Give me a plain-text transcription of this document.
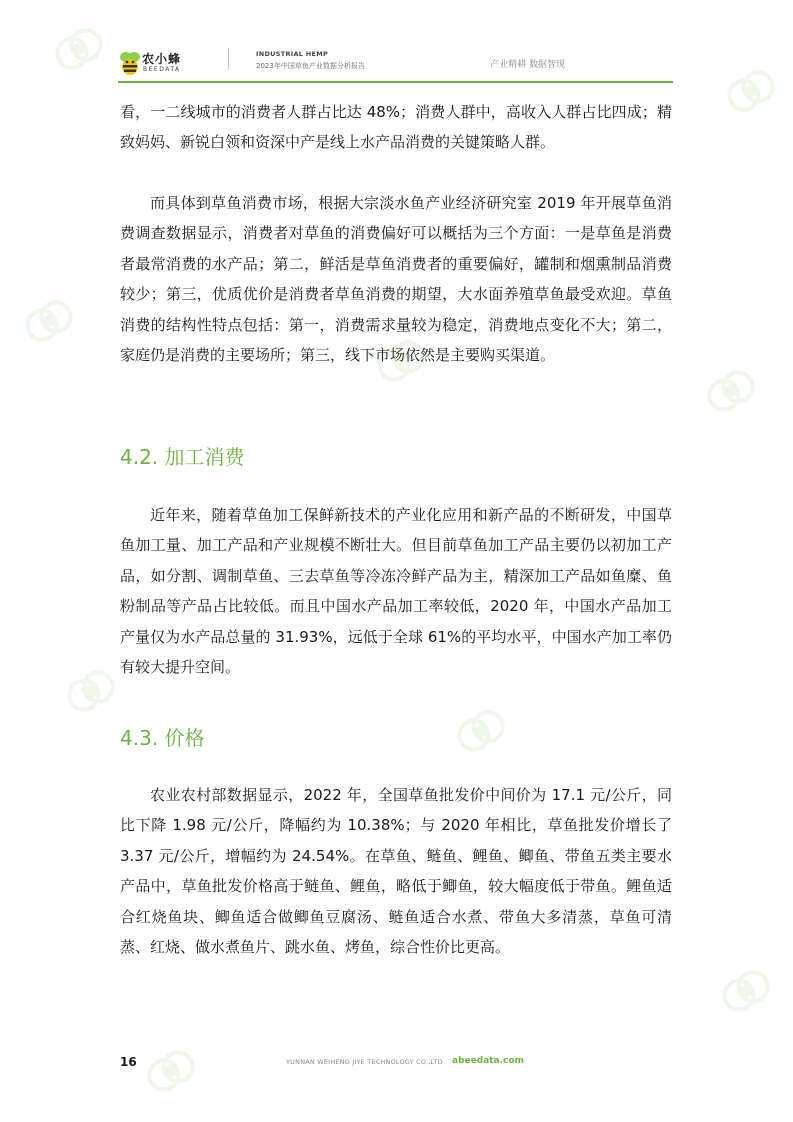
农小蜂
BEEDATA
INDUSTRIAL HEMP
2023年中国草鱼产业数据分析报告	产业精耕 数据智现

看，一二线城市的消费者人群占比达 48%；消费人群中，高收入人群占比四成；精致妈妈、新锐白领和资深中产是线上水产品消费的关键策略人群。

而具体到草鱼消费市场，根据大宗淡水鱼产业经济研究室 2019 年开展草鱼消费调查数据显示，消费者对草鱼的消费偏好可以概括为三个方面：一是草鱼是消费者最常消费的水产品；第二，鲜活是草鱼消费者的重要偏好，罐制和烟熏制品消费较少；第三，优质优价是消费者草鱼消费的期望，大水面养殖草鱼最受欢迎。草鱼消费的结构性特点包括：第一，消费需求量较为稳定，消费地点变化不大；第二，家庭仍是消费的主要场所；第三，线下市场依然是主要购买渠道。

4.2. 加工消费

近年来，随着草鱼加工保鲜新技术的产业化应用和新产品的不断研发，中国草鱼加工量、加工产品和产业规模不断壮大。但目前草鱼加工产品主要仍以初加工产品，如分割、调制草鱼、三去草鱼等冷冻冷鲜产品为主，精深加工产品如鱼糜、鱼粉制品等产品占比较低。而且中国水产品加工率较低，2020 年，中国水产品加工产量仅为水产品总量的 31.93%，远低于全球 61%的平均水平，中国水产加工率仍有较大提升空间。

4.3. 价格

农业农村部数据显示，2022 年，全国草鱼批发价中间价为 17.1 元/公斤，同比下降 1.98 元/公斤，降幅约为 10.38%；与 2020 年相比，草鱼批发价增长了 3.37 元/公斤，增幅约为 24.54%。在草鱼、鲢鱼、鲤鱼、鲫鱼、带鱼五类主要水产品中，草鱼批发价格高于鲢鱼、鲤鱼，略低于鲫鱼，较大幅度低于带鱼。鲤鱼适合红烧鱼块、鲫鱼适合做鲫鱼豆腐汤、鲢鱼适合水煮、带鱼大多清蒸，草鱼可清蒸、红烧、做水煮鱼片、跳水鱼、烤鱼，综合性价比更高。

16	YUNNAN WEIHENG JIYE TECHNOLOGY CO.,LTD abeedata.com
